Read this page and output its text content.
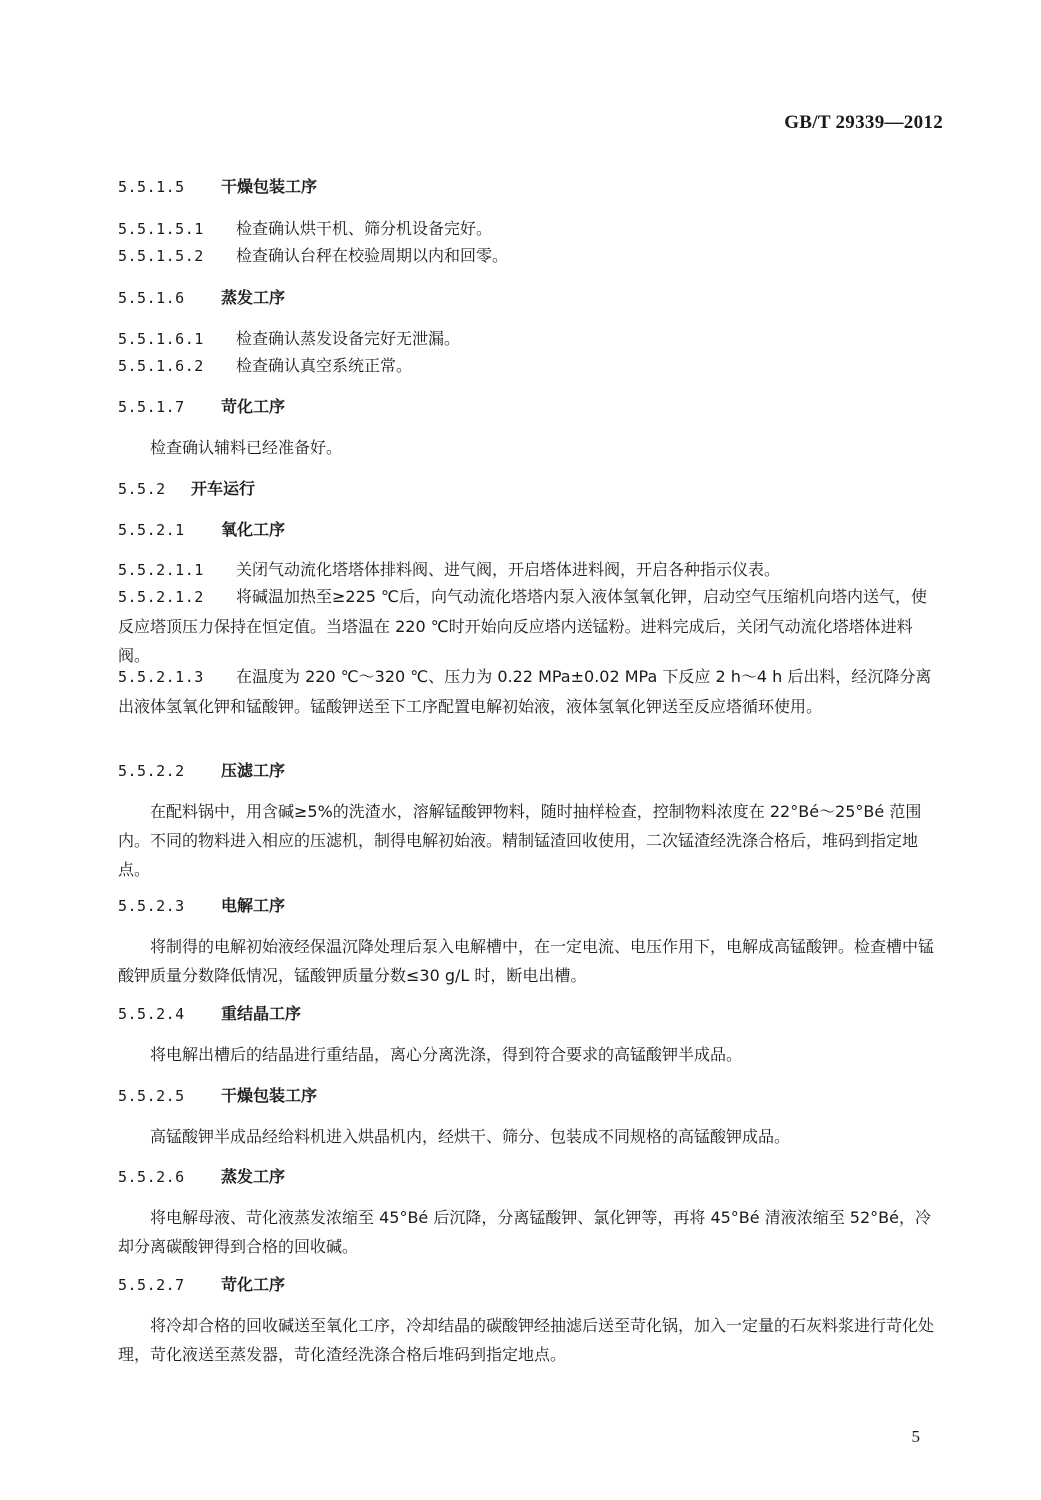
GB/T 29339—2012
5.5.1.5 干燥包装工序
5.5.1.5.1 检查确认烘干机、筛分机设备完好。
5.5.1.5.2 检查确认台秤在校验周期以内和回零。
5.5.1.6 蒸发工序
5.5.1.6.1 检查确认蒸发设备完好无泄漏。
5.5.1.6.2 检查确认真空系统正常。
5.5.1.7 苛化工序
检查确认辅料已经准备好。
5.5.2 开车运行
5.5.2.1 氧化工序
5.5.2.1.1 关闭气动流化塔塔体排料阀、进气阀，开启塔体进料阀，开启各种指示仪表。
5.5.2.1.2 将碱温加热至≥225 ℃后，向气动流化塔塔内泵入液体氢氧化钾，启动空气压缩机向塔内送气，使反应塔顶压力保持在恒定值。当塔温在 220 ℃时开始向反应塔内送锰粉。进料完成后，关闭气动流化塔塔体进料阀。
5.5.2.1.3 在温度为 220 ℃～320 ℃、压力为 0.22 MPa±0.02 MPa 下反应 2 h～4 h 后出料，经沉降分离出液体氢氧化钾和锰酸钾。锰酸钾送至下工序配置电解初始液，液体氢氧化钾送至反应塔循环使用。
5.5.2.2 压滤工序
在配料锅中，用含碱≥5%的洗渣水，溶解锰酸钾物料，随时抽样检查，控制物料浓度在 22°Bé～25°Bé 范围内。不同的物料进入相应的压滤机，制得电解初始液。精制锰渣回收使用，二次锰渣经洗涤合格后，堆码到指定地点。
5.5.2.3 电解工序
将制得的电解初始液经保温沉降处理后泵入电解槽中，在一定电流、电压作用下，电解成高锰酸钾。检查槽中锰酸钾质量分数降低情况，锰酸钾质量分数≤30 g/L 时，断电出槽。
5.5.2.4 重结晶工序
将电解出槽后的结晶进行重结晶，离心分离洗涤，得到符合要求的高锰酸钾半成品。
5.5.2.5 干燥包装工序
高锰酸钾半成品经给料机进入烘晶机内，经烘干、筛分、包装成不同规格的高锰酸钾成品。
5.5.2.6 蒸发工序
将电解母液、苛化液蒸发浓缩至 45°Bé 后沉降，分离锰酸钾、氯化钾等，再将 45°Bé 清液浓缩至 52°Bé，冷却分离碳酸钾得到合格的回收碱。
5.5.2.7 苛化工序
将冷却合格的回收碱送至氧化工序，冷却结晶的碳酸钾经抽滤后送至苛化锅，加入一定量的石灰料浆进行苛化处理，苛化液送至蒸发器，苛化渣经洗涤合格后堆码到指定地点。
5
